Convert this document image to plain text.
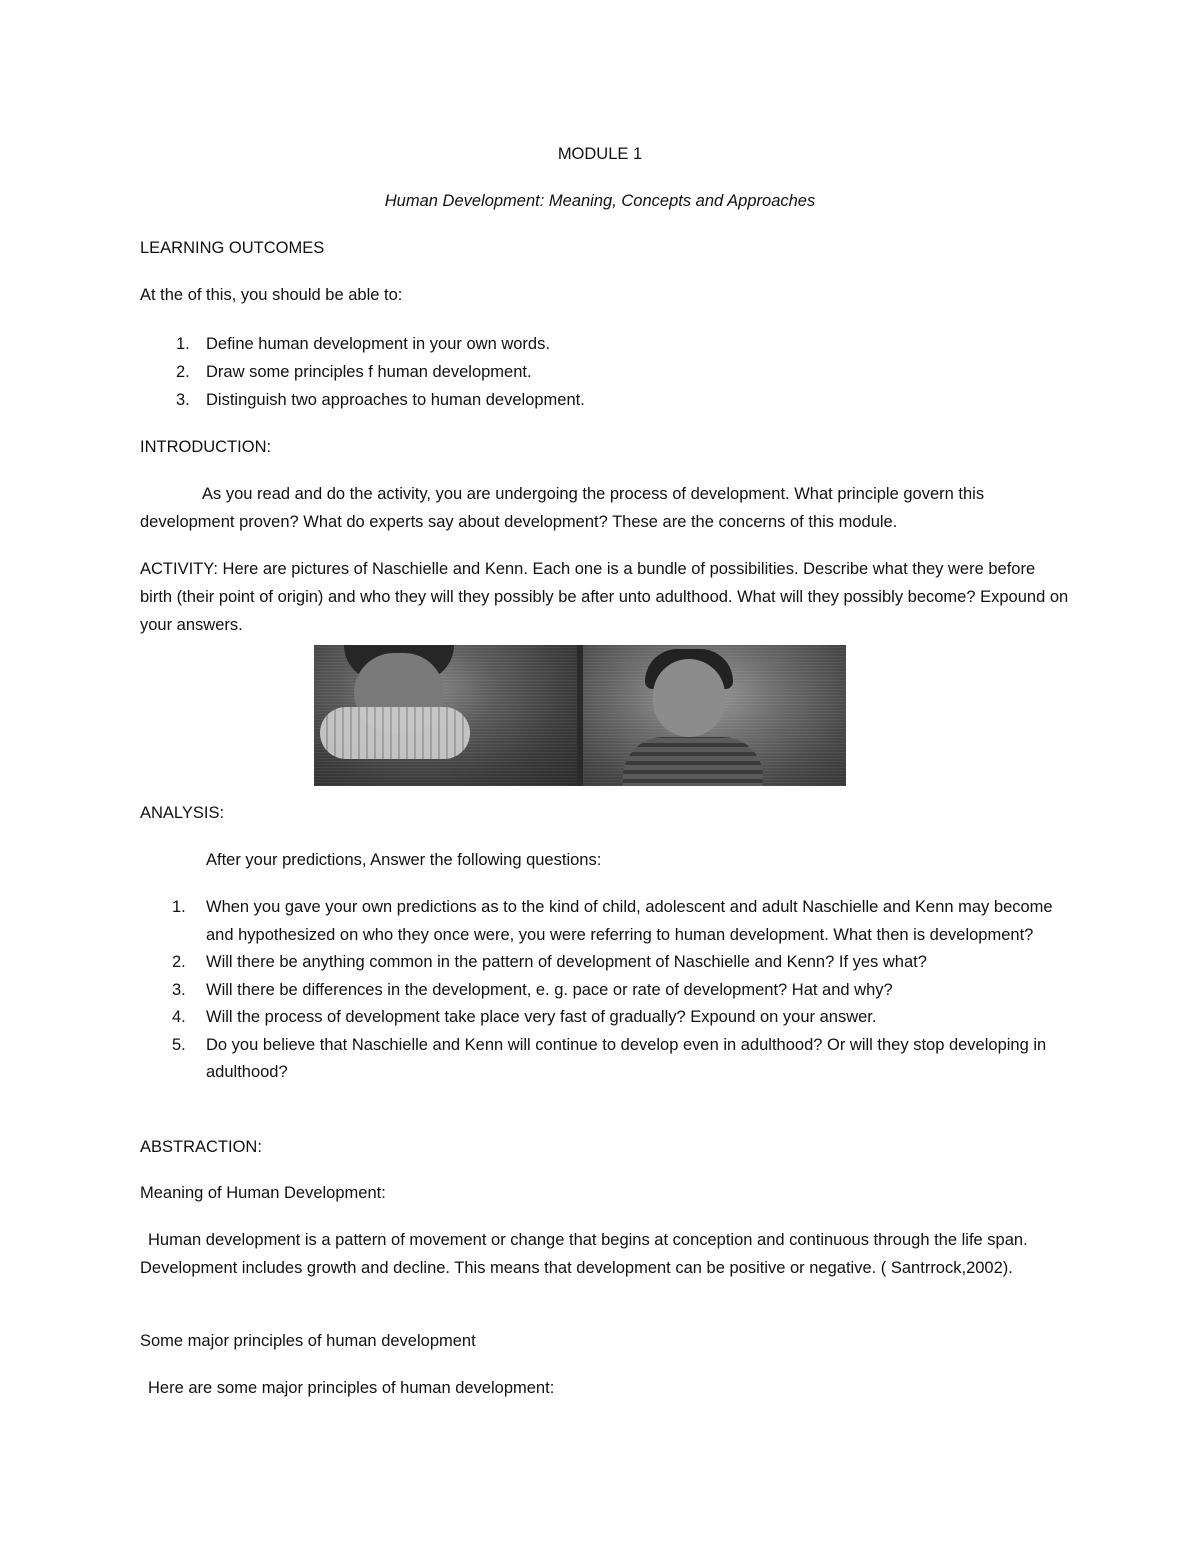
MODULE 1
Human Development: Meaning, Concepts and Approaches
LEARNING OUTCOMES
At the of this, you should be able to:
1. Define human development in your own words.
2. Draw some principles f human development.
3. Distinguish two approaches to human development.
INTRODUCTION:
As you read and do the activity, you are undergoing the process of development. What principle govern this development proven? What do experts say about development? These are the concerns of this module.
ACTIVITY: Here are pictures of Naschielle and Kenn. Each one is a bundle of possibilities. Describe what they were before birth (their point of origin) and who they will they possibly be after unto adulthood. What will they possibly become? Expound on your answers.
ANALYSIS:
After your predictions, Answer the following questions:
1. When you gave your own predictions as to the kind of child, adolescent and adult Naschielle and Kenn may become and hypothesized on who they once were, you were referring to human development. What then is development?
2. Will there be anything common in the pattern of development of Naschielle and Kenn? If yes what?
3. Will there be differences in the development, e. g. pace or rate of development? Hat and why?
4. Will the process of development take place very fast of gradually? Expound on your answer.
5. Do you believe that Naschielle and Kenn will continue to develop even in adulthood? Or will they stop developing in adulthood?
ABSTRACTION:
Meaning of Human Development:
Human development is a pattern of movement or change that begins at conception and continuous through the life span. Development includes growth and decline. This means that development can be positive or negative. ( Santrrock,2002).
Some major principles of human development
Here are some major principles of human development:
